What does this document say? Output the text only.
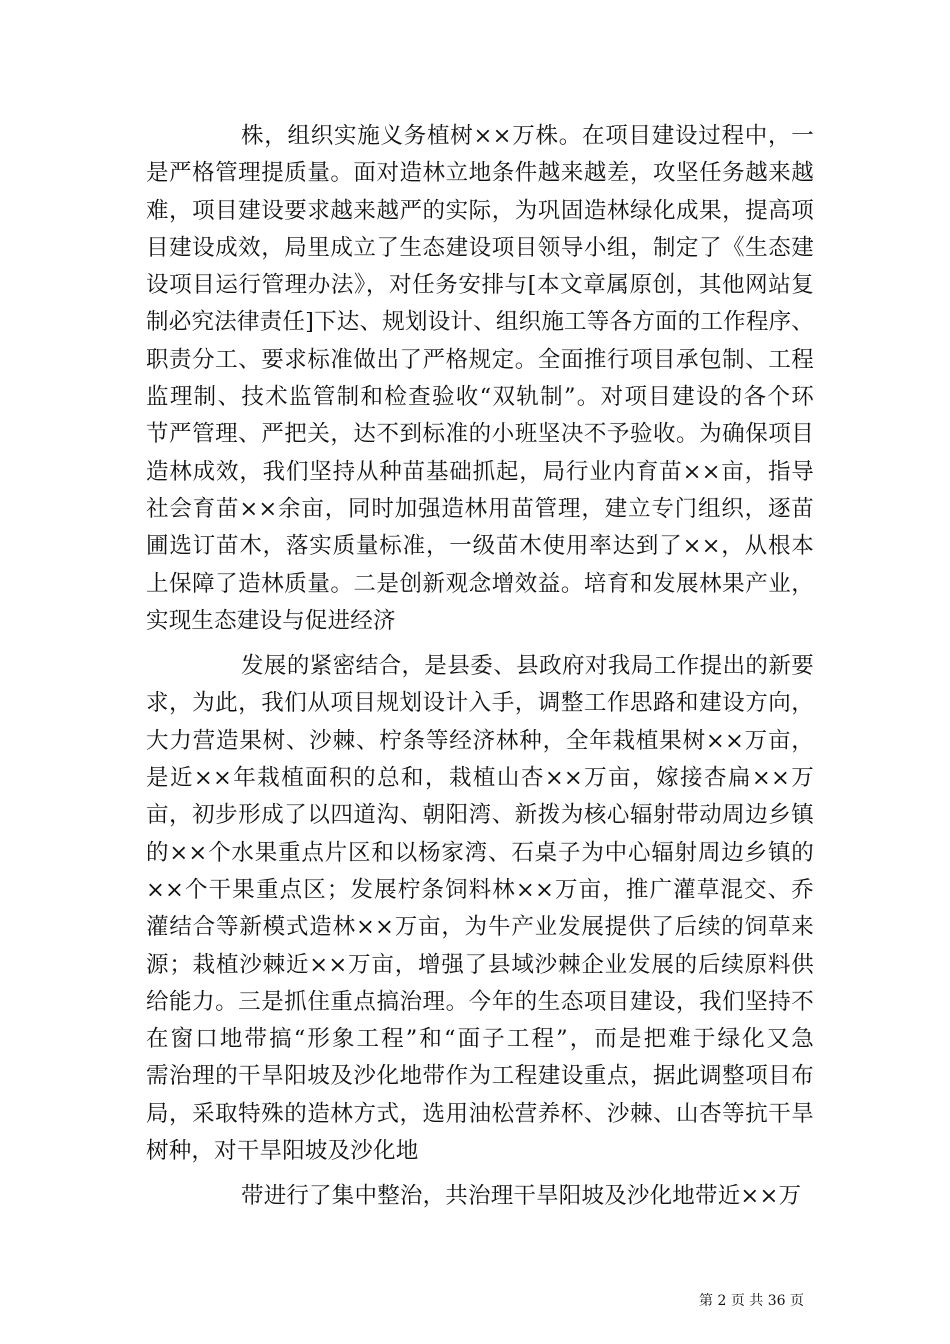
株，组织实施义务植树××万株。在项目建设过程中，一
是严格管理提质量。面对造林立地条件越来越差，攻坚任务越来越
难，项目建设要求越来越严的实际，为巩固造林绿化成果，提高项
目建设成效，局里成立了生态建设项目领导小组，制定了《生态建
设项目运行管理办法》，对任务安排与[本文章属原创，其他网站复
制必究法律责任]下达、规划设计、组织施工等各方面的工作程序、
职责分工、要求标准做出了严格规定。全面推行项目承包制、工程
监理制、技术监管制和检查验收“双轨制”。对项目建设的各个环
节严管理、严把关，达不到标准的小班坚决不予验收。为确保项目
造林成效，我们坚持从种苗基础抓起，局行业内育苗××亩，指导
社会育苗××余亩，同时加强造林用苗管理，建立专门组织，逐苗
圃选订苗木，落实质量标准，一级苗木使用率达到了××，从根本
上保障了造林质量。二是创新观念增效益。培育和发展林果产业，
实现生态建设与促进经济
发展的紧密结合，是县委、县政府对我局工作提出的新要
求，为此，我们从项目规划设计入手，调整工作思路和建设方向，
大力营造果树、沙棘、柠条等经济林种，全年栽植果树××万亩，
是近××年栽植面积的总和，栽植山杏××万亩，嫁接杏扁××万
亩，初步形成了以四道沟、朝阳湾、新拨为核心辐射带动周边乡镇
的××个水果重点片区和以杨家湾、石桌子为中心辐射周边乡镇的
××个干果重点区；发展柠条饲料林××万亩，推广灌草混交、乔
灌结合等新模式造林××万亩，为牛产业发展提供了后续的饲草来
源；栽植沙棘近××万亩，增强了县域沙棘企业发展的后续原料供
给能力。三是抓住重点搞治理。今年的生态项目建设，我们坚持不
在窗口地带搞“形象工程”和“面子工程”，而是把难于绿化又急
需治理的干旱阳坡及沙化地带作为工程建设重点，据此调整项目布
局，采取特殊的造林方式，选用油松营养杯、沙棘、山杏等抗干旱
树种，对干旱阳坡及沙化地
带进行了集中整治，共治理干旱阳坡及沙化地带近××万
第 2 页 共 36 页
